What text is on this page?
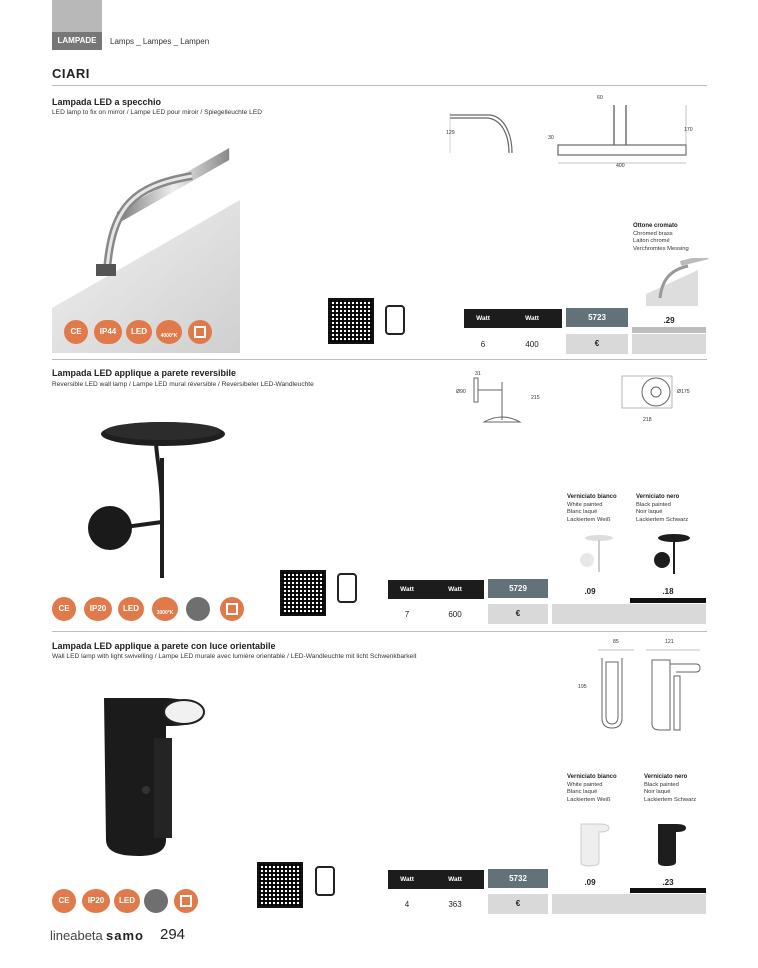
LAMPADE	Lamps _ Lampes _ Lampen
CIARI
Lampada LED a specchio
LED lamp to fix on mirror / Lampe LED pour miroir / Spiegelleuchte LED
CE	IP44	LED	4000°K
129
60
30
170
400
Ottone cromato
Chromed brass
Laiton chromé
Verchromtes Messing
Watt	Watt	5723	.29
6	400	€
Lampada LED applique a parete reversibile
Reversible LED wall lamp / Lampe LED mural réversible / Reversibeler LED-Wandleuchte
CE	IP20	LED	3000°K
31
Ø90
215
Ø175
218
Verniciato bianco
White painted
Blanc laqué
Lackiertem Weiß
Verniciato nero
Black painted
Noir laqué
Lackiertem Schwarz
Watt	Watt	5729	.09	.18
7	600	€
Lampada LED applique a parete con luce orientabile
Wall LED lamp with light swivelling / Lampe LED murale avec lumière orientable / LED-Wandleuchte mit licht Schwenkbarkeit
CE	IP20	LED
85	121
195
Verniciato bianco
White painted
Blanc laqué
Lackiertem Weiß
Verniciato nero
Black painted
Noir laqué
Lackiertem Schwarz
Watt	Watt	5732	.09	.23
4	363	€
lineabeta samo 294
